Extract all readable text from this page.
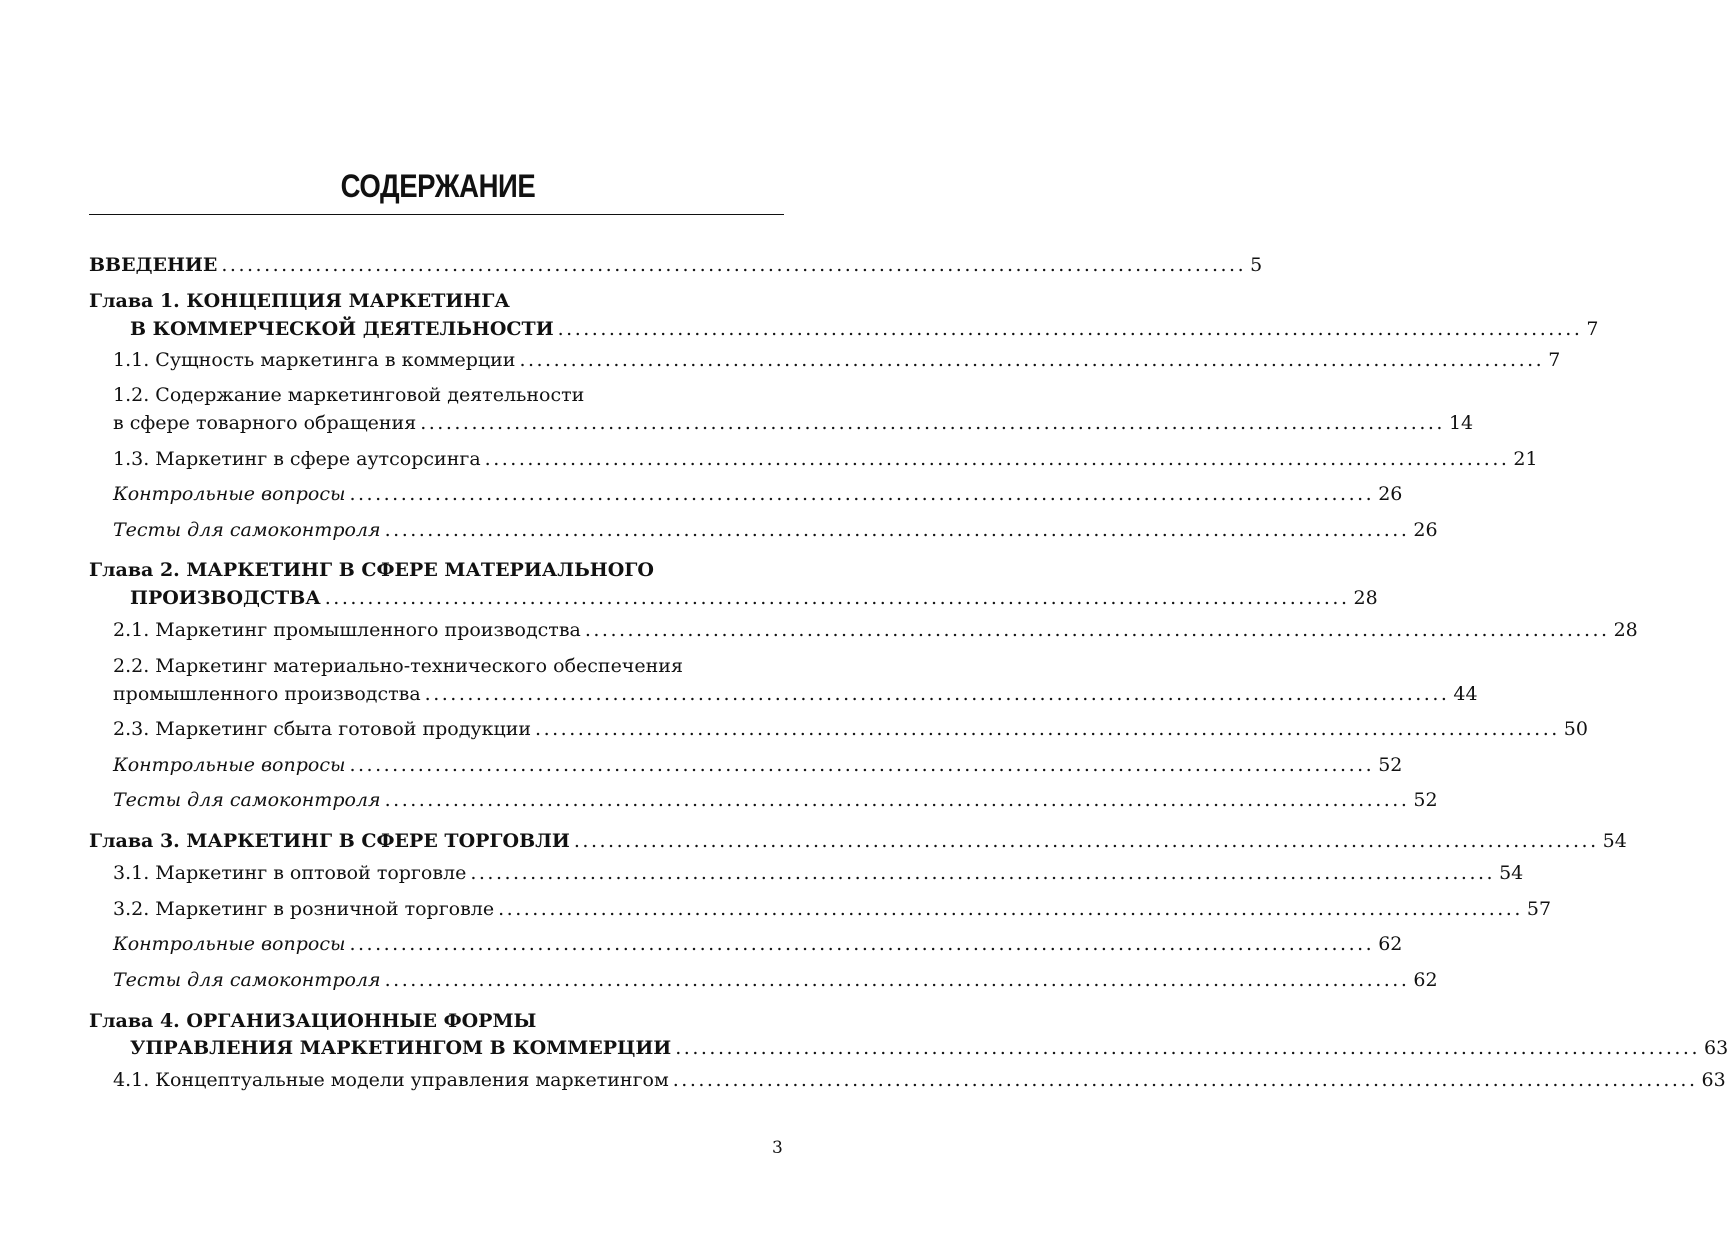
СОДЕРЖАНИЕ
ВВЕДЕНИЕ ........................................................................................................................ 5
Глава 1. КОНЦЕПЦИЯ МАРКЕТИНГА
В КОММЕРЧЕСКОЙ ДЕЯТЕЛЬНОСТИ ........................................................................................................................ 7
1.1. Сущность маркетинга в коммерции ........................................................................................................................ 7
1.2. Содержание маркетинговой деятельности
в сфере товарного обращения ........................................................................................................................ 14
1.3. Маркетинг в сфере аутсорсинга ........................................................................................................................ 21
Контрольные вопросы ........................................................................................................................ 26
Тесты для самоконтроля ........................................................................................................................ 26
Глава 2. МАРКЕТИНГ В СФЕРЕ МАТЕРИАЛЬНОГО
ПРОИЗВОДСТВА ........................................................................................................................ 28
2.1. Маркетинг промышленного производства ........................................................................................................................ 28
2.2. Маркетинг материально-технического обеспечения
промышленного производства ........................................................................................................................ 44
2.3. Маркетинг сбыта готовой продукции ........................................................................................................................ 50
Контрольные вопросы ........................................................................................................................ 52
Тесты для самоконтроля ........................................................................................................................ 52
Глава 3. МАРКЕТИНГ В СФЕРЕ ТОРГОВЛИ ........................................................................................................................ 54
3.1. Маркетинг в оптовой торговле ........................................................................................................................ 54
3.2. Маркетинг в розничной торговле ........................................................................................................................ 57
Контрольные вопросы ........................................................................................................................ 62
Тесты для самоконтроля ........................................................................................................................ 62
Глава 4. ОРГАНИЗАЦИОННЫЕ ФОРМЫ
УПРАВЛЕНИЯ МАРКЕТИНГОМ В КОММЕРЦИИ ........................................................................................................................ 63
4.1. Концептуальные модели управления маркетингом ........................................................................................................................ 63
3
